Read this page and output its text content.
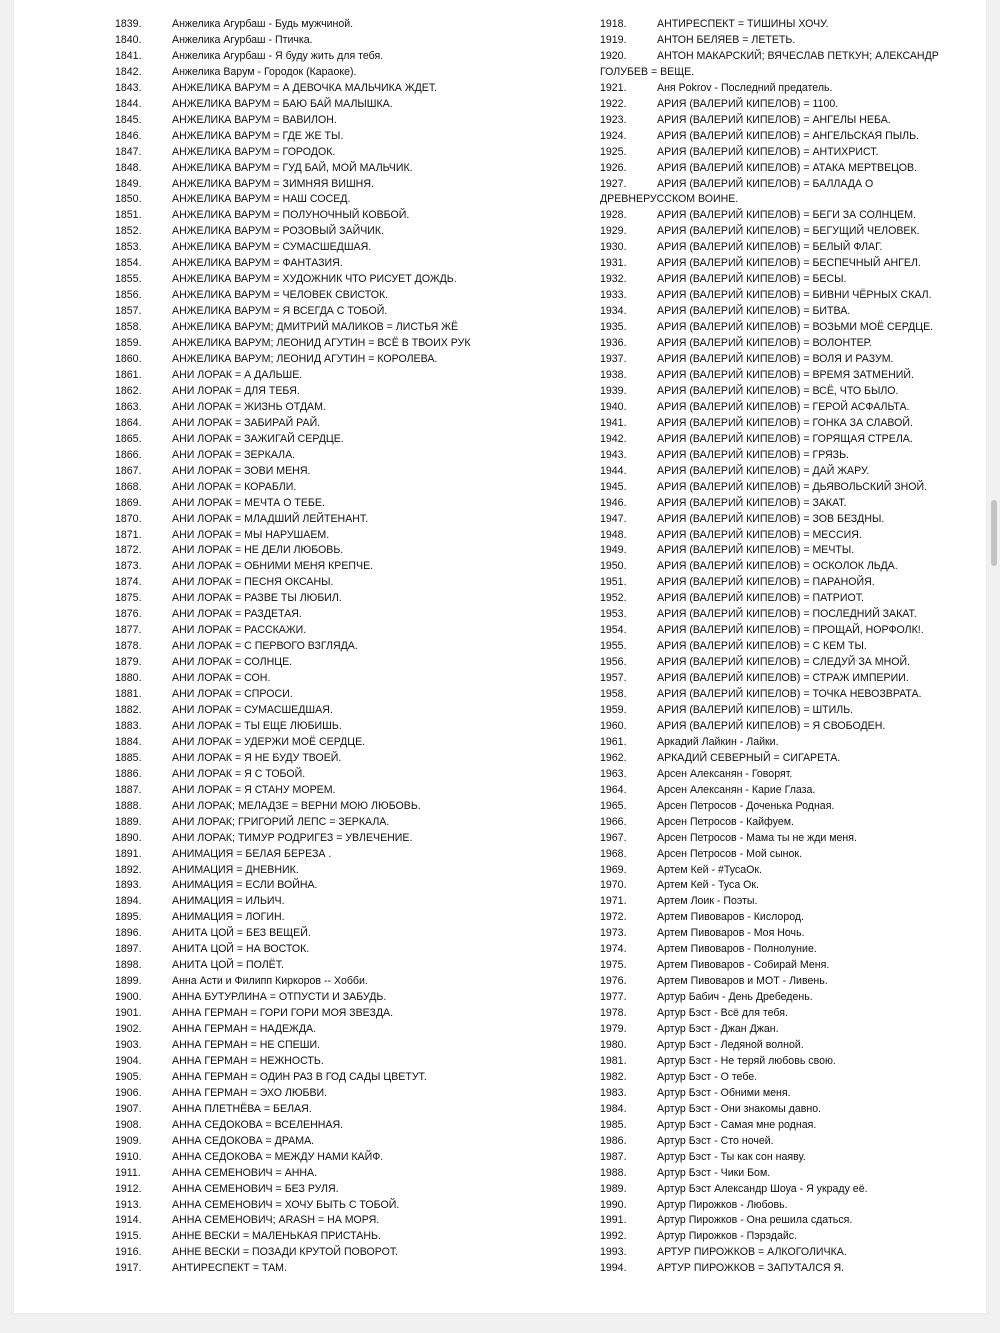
1839.	Анжелика Агурбаш - Будь мужчиной.
1840.	Анжелика Агурбаш - Птичка.
1841.	Анжелика Агурбаш - Я буду жить для тебя.
1842.	Анжелика Варум - Городок (Караоке).
1843.	АНЖЕЛИКА ВАРУМ = А ДЕВОЧКА МАЛЬЧИКА ЖДЕТ.
1844.	АНЖЕЛИКА ВАРУМ = БАЮ БАЙ МАЛЫШКА.
1845.	АНЖЕЛИКА ВАРУМ = ВАВИЛОН.
1846.	АНЖЕЛИКА ВАРУМ = ГДЕ ЖЕ ТЫ.
1847.	АНЖЕЛИКА ВАРУМ = ГОРОДОК.
1848.	АНЖЕЛИКА ВАРУМ = ГУД БАЙ, МОЙ МАЛЬЧИК.
1849.	АНЖЕЛИКА ВАРУМ = ЗИМНЯЯ ВИШНЯ.
1850.	АНЖЕЛИКА ВАРУМ = НАШ СОСЕД.
1851.	АНЖЕЛИКА ВАРУМ = ПОЛУНОЧНЫЙ КОВБОЙ.
1852.	АНЖЕЛИКА ВАРУМ = РОЗОВЫЙ ЗАЙЧИК.
1853.	АНЖЕЛИКА ВАРУМ = СУМАСШЕДШАЯ.
1854.	АНЖЕЛИКА ВАРУМ = ФАНТАЗИЯ.
1855.	АНЖЕЛИКА ВАРУМ = ХУДОЖНИК ЧТО РИСУЕТ ДОЖДЬ.
1856.	АНЖЕЛИКА ВАРУМ = ЧЕЛОВЕК СВИСТОК.
1857.	АНЖЕЛИКА ВАРУМ = Я ВСЕГДА С ТОБОЙ.
1858.	АНЖЕЛИКА ВАРУМ; ДМИТРИЙ МАЛИКОВ = ЛИСТЬЯ ЖЁ
1859.	АНЖЕЛИКА ВАРУМ; ЛЕОНИД АГУТИН = ВСЁ В ТВОИХ РУК
1860.	АНЖЕЛИКА ВАРУМ; ЛЕОНИД АГУТИН = КОРОЛЕВА.
1861.	АНИ ЛОРАК = А ДАЛЬШЕ.
1862.	АНИ ЛОРАК = ДЛЯ ТЕБЯ.
1863.	АНИ ЛОРАК = ЖИЗНЬ ОТДАМ.
1864.	АНИ ЛОРАК = ЗАБИРАЙ РАЙ.
1865.	АНИ ЛОРАК = ЗАЖИГАЙ СЕРДЦЕ.
1866.	АНИ ЛОРАК = ЗЕРКАЛА.
1867.	АНИ ЛОРАК = ЗОВИ МЕНЯ.
1868.	АНИ ЛОРАК = КОРАБЛИ.
1869.	АНИ ЛОРАК = МЕЧТА О ТЕБЕ.
1870.	АНИ ЛОРАК = МЛАДШИЙ ЛЕЙТЕНАНТ.
1871.	АНИ ЛОРАК = МЫ НАРУШАЕМ.
1872.	АНИ ЛОРАК = НЕ ДЕЛИ ЛЮБОВЬ.
1873.	АНИ ЛОРАК = ОБНИМИ МЕНЯ КРЕПЧЕ.
1874.	АНИ ЛОРАК = ПЕСНЯ ОКСАНЫ.
1875.	АНИ ЛОРАК = РАЗВЕ ТЫ ЛЮБИЛ.
1876.	АНИ ЛОРАК = РАЗДЕТАЯ.
1877.	АНИ ЛОРАК = РАССКАЖИ.
1878.	АНИ ЛОРАК = С ПЕРВОГО ВЗГЛЯДА.
1879.	АНИ ЛОРАК = СОЛНЦЕ.
1880.	АНИ ЛОРАК = СОН.
1881.	АНИ ЛОРАК = СПРОСИ.
1882.	АНИ ЛОРАК = СУМАСШЕДШАЯ.
1883.	АНИ ЛОРАК = ТЫ ЕЩЕ ЛЮБИШЬ.
1884.	АНИ ЛОРАК = УДЕРЖИ МОЁ СЕРДЦЕ.
1885.	АНИ ЛОРАК = Я НЕ БУДУ ТВОЕЙ.
1886.	АНИ ЛОРАК = Я С ТОБОЙ.
1887.	АНИ ЛОРАК = Я СТАНУ МОРЕМ.
1888.	АНИ ЛОРАК; МЕЛАДЗЕ = ВЕРНИ МОЮ ЛЮБОВЬ.
1889.	АНИ ЛОРАК; ГРИГОРИЙ ЛЕПС = ЗЕРКАЛА.
1890.	АНИ ЛОРАК; ТИМУР РОДРИГЕЗ = УВЛЕЧЕНИЕ.
1891.	АНИМАЦИЯ = БЕЛАЯ БЕРЕЗА .
1892.	АНИМАЦИЯ = ДНЕВНИК.
1893.	АНИМАЦИЯ = ЕСЛИ ВОЙНА.
1894.	АНИМАЦИЯ = ИЛЬИЧ.
1895.	АНИМАЦИЯ = ЛОГИН.
1896.	АНИТА ЦОЙ = БЕЗ ВЕЩЕЙ.
1897.	АНИТА ЦОЙ = НА ВОСТОК.
1898.	АНИТА ЦОЙ = ПОЛЁТ.
1899.	Анна Асти и Филипп Киркоров -- Хобби.
1900.	АННА БУТУРЛИНА = ОТПУСТИ И ЗАБУДЬ.
1901.	АННА ГЕРМАН = ГОРИ ГОРИ МОЯ ЗВЕЗДА.
1902.	АННА ГЕРМАН = НАДЕЖДА.
1903.	АННА ГЕРМАН = НЕ СПЕШИ.
1904.	АННА ГЕРМАН = НЕЖНОСТЬ.
1905.	АННА ГЕРМАН = ОДИН РАЗ В ГОД САДЫ ЦВЕТУТ.
1906.	АННА ГЕРМАН = ЭХО ЛЮБВИ.
1907.	АННА ПЛЕТНЁВА = БЕЛАЯ.
1908.	АННА СЕДОКОВА = ВСЕЛЕННАЯ.
1909.	АННА СЕДОКОВА = ДРАМА.
1910.	АННА СЕДОКОВА = МЕЖДУ НАМИ КАЙФ.
1911.	АННА СЕМЕНОВИЧ = АННА.
1912.	АННА СЕМЕНОВИЧ = БЕЗ РУЛЯ.
1913.	АННА СЕМЕНОВИЧ = ХОЧУ БЫТЬ С ТОБОЙ.
1914.	АННА СЕМЕНОВИЧ; ARASH = НА МОРЯ.
1915.	АННЕ ВЕСКИ = МАЛЕНЬКАЯ ПРИСТАНЬ.
1916.	АННЕ ВЕСКИ = ПОЗАДИ КРУТОЙ ПОВОРОТ.
1917.	АНТИРЕСПЕКТ = ТАМ.
1918.	АНТИРЕСПЕКТ = ТИШИНЫ ХОЧУ.
1919.	АНТОН БЕЛЯЕВ = ЛЕТЕТЬ.
1920.	АНТОН МАКАРСКИЙ; ВЯЧЕСЛАВ ПЕТКУН; АЛЕКСАНДР
ГОЛУБЕВ = ВЕЩЕ.
1921.	Аня Pokrov - Последний предатель.
1922.	АРИЯ (ВАЛЕРИЙ КИПЕЛОВ) = 1100.
1923.	АРИЯ (ВАЛЕРИЙ КИПЕЛОВ) = АНГЕЛЫ НЕБА.
1924.	АРИЯ (ВАЛЕРИЙ КИПЕЛОВ) = АНГЕЛЬСКАЯ ПЫЛЬ.
1925.	АРИЯ (ВАЛЕРИЙ КИПЕЛОВ) = АНТИХРИСТ.
1926.	АРИЯ (ВАЛЕРИЙ КИПЕЛОВ) = АТАКА МЕРТВЕЦОВ.
1927.	АРИЯ (ВАЛЕРИЙ КИПЕЛОВ) = БАЛЛАДА О
ДРЕВНЕРУССКОМ ВОИНЕ.
1928.	АРИЯ (ВАЛЕРИЙ КИПЕЛОВ) = БЕГИ ЗА СОЛНЦЕМ.
1929.	АРИЯ (ВАЛЕРИЙ КИПЕЛОВ) = БЕГУЩИЙ ЧЕЛОВЕК.
1930.	АРИЯ (ВАЛЕРИЙ КИПЕЛОВ) = БЕЛЫЙ ФЛАГ.
1931.	АРИЯ (ВАЛЕРИЙ КИПЕЛОВ) = БЕСПЕЧНЫЙ АНГЕЛ.
1932.	АРИЯ (ВАЛЕРИЙ КИПЕЛОВ) = БЕСЫ.
1933.	АРИЯ (ВАЛЕРИЙ КИПЕЛОВ) = БИВНИ ЧЁРНЫХ СКАЛ.
1934.	АРИЯ (ВАЛЕРИЙ КИПЕЛОВ) = БИТВА.
1935.	АРИЯ (ВАЛЕРИЙ КИПЕЛОВ) = ВОЗЬМИ МОЁ СЕРДЦЕ.
1936.	АРИЯ (ВАЛЕРИЙ КИПЕЛОВ) = ВОЛОНТЕР.
1937.	АРИЯ (ВАЛЕРИЙ КИПЕЛОВ) = ВОЛЯ И РАЗУМ.
1938.	АРИЯ (ВАЛЕРИЙ КИПЕЛОВ) = ВРЕМЯ ЗАТМЕНИЙ.
1939.	АРИЯ (ВАЛЕРИЙ КИПЕЛОВ) = ВСЁ, ЧТО БЫЛО.
1940.	АРИЯ (ВАЛЕРИЙ КИПЕЛОВ) = ГЕРОЙ АСФАЛЬТА.
1941.	АРИЯ (ВАЛЕРИЙ КИПЕЛОВ) = ГОНКА ЗА СЛАВОЙ.
1942.	АРИЯ (ВАЛЕРИЙ КИПЕЛОВ) = ГОРЯЩАЯ СТРЕЛА.
1943.	АРИЯ (ВАЛЕРИЙ КИПЕЛОВ) = ГРЯЗЬ.
1944.	АРИЯ (ВАЛЕРИЙ КИПЕЛОВ) = ДАЙ ЖАРУ.
1945.	АРИЯ (ВАЛЕРИЙ КИПЕЛОВ) = ДЬЯВОЛЬСКИЙ ЗНОЙ.
1946.	АРИЯ (ВАЛЕРИЙ КИПЕЛОВ) = ЗАКАТ.
1947.	АРИЯ (ВАЛЕРИЙ КИПЕЛОВ) = ЗОВ БЕЗДНЫ.
1948.	АРИЯ (ВАЛЕРИЙ КИПЕЛОВ) = МЕССИЯ.
1949.	АРИЯ (ВАЛЕРИЙ КИПЕЛОВ) = МЕЧТЫ.
1950.	АРИЯ (ВАЛЕРИЙ КИПЕЛОВ) = ОСКОЛОК ЛЬДА.
1951.	АРИЯ (ВАЛЕРИЙ КИПЕЛОВ) = ПАРАНОЙЯ.
1952.	АРИЯ (ВАЛЕРИЙ КИПЕЛОВ) = ПАТРИОТ.
1953.	АРИЯ (ВАЛЕРИЙ КИПЕЛОВ) = ПОСЛЕДНИЙ ЗАКАТ.
1954.	АРИЯ (ВАЛЕРИЙ КИПЕЛОВ) = ПРОЩАЙ, НОРФОЛК!.
1955.	АРИЯ (ВАЛЕРИЙ КИПЕЛОВ) = С КЕМ ТЫ.
1956.	АРИЯ (ВАЛЕРИЙ КИПЕЛОВ) = СЛЕДУЙ ЗА МНОЙ.
1957.	АРИЯ (ВАЛЕРИЙ КИПЕЛОВ) = СТРАЖ ИМПЕРИИ.
1958.	АРИЯ (ВАЛЕРИЙ КИПЕЛОВ) = ТОЧКА НЕВОЗВРАТА.
1959.	АРИЯ (ВАЛЕРИЙ КИПЕЛОВ) = ШТИЛЬ.
1960.	АРИЯ (ВАЛЕРИЙ КИПЕЛОВ) = Я СВОБОДЕН.
1961.	Аркадий Лайкин - Лайки.
1962.	АРКАДИЙ СЕВЕРНЫЙ = СИГАРЕТА.
1963.	Арсен Алексанян - Говорят.
1964.	Арсен Алексанян - Карие Глаза.
1965.	Арсен Петросов - Доченька Родная.
1966.	Арсен Петросов - Кайфуем.
1967.	Арсен Петросов - Мама ты не жди меня.
1968.	Арсен Петросов - Мой сынок.
1969.	Артем Кей - #ТусаОк.
1970.	Артем Кей - Туса Ок.
1971.	Артем Лоик - Поэты.
1972.	Артем Пивоваров - Кислород.
1973.	Артем Пивоваров - Моя Ночь.
1974.	Артем Пивоваров - Полнолуние.
1975.	Артем Пивоваров - Собирай Меня.
1976.	Артем Пивоваров и МОТ - Ливень.
1977.	Артур Бабич - День Дребедень.
1978.	Артур Бэст - Всё для тебя.
1979.	Артур Бэст - Джан Джан.
1980.	Артур Бэст - Ледяной волной.
1981.	Артур Бэст - Не теряй любовь свою.
1982.	Артур Бэст - О тебе.
1983.	Артур Бэст - Обними меня.
1984.	Артур Бэст - Они знакомы давно.
1985.	Артур Бэст - Самая мне родная.
1986.	Артур Бэст - Сто ночей.
1987.	Артур Бэст - Ты как сон наяву.
1988.	Артур Бэст - Чики Бом.
1989.	Артур Бэст Александр Шоуа - Я украду её.
1990.	Артур Пирожков - Любовь.
1991.	Артур Пирожков - Она решила сдаться.
1992.	Артур Пирожков - Пэрэдайс.
1993.	АРТУР ПИРОЖКОВ = АЛКОГОЛИЧКА.
1994.	АРТУР ПИРОЖКОВ = ЗАПУТАЛСЯ Я.
